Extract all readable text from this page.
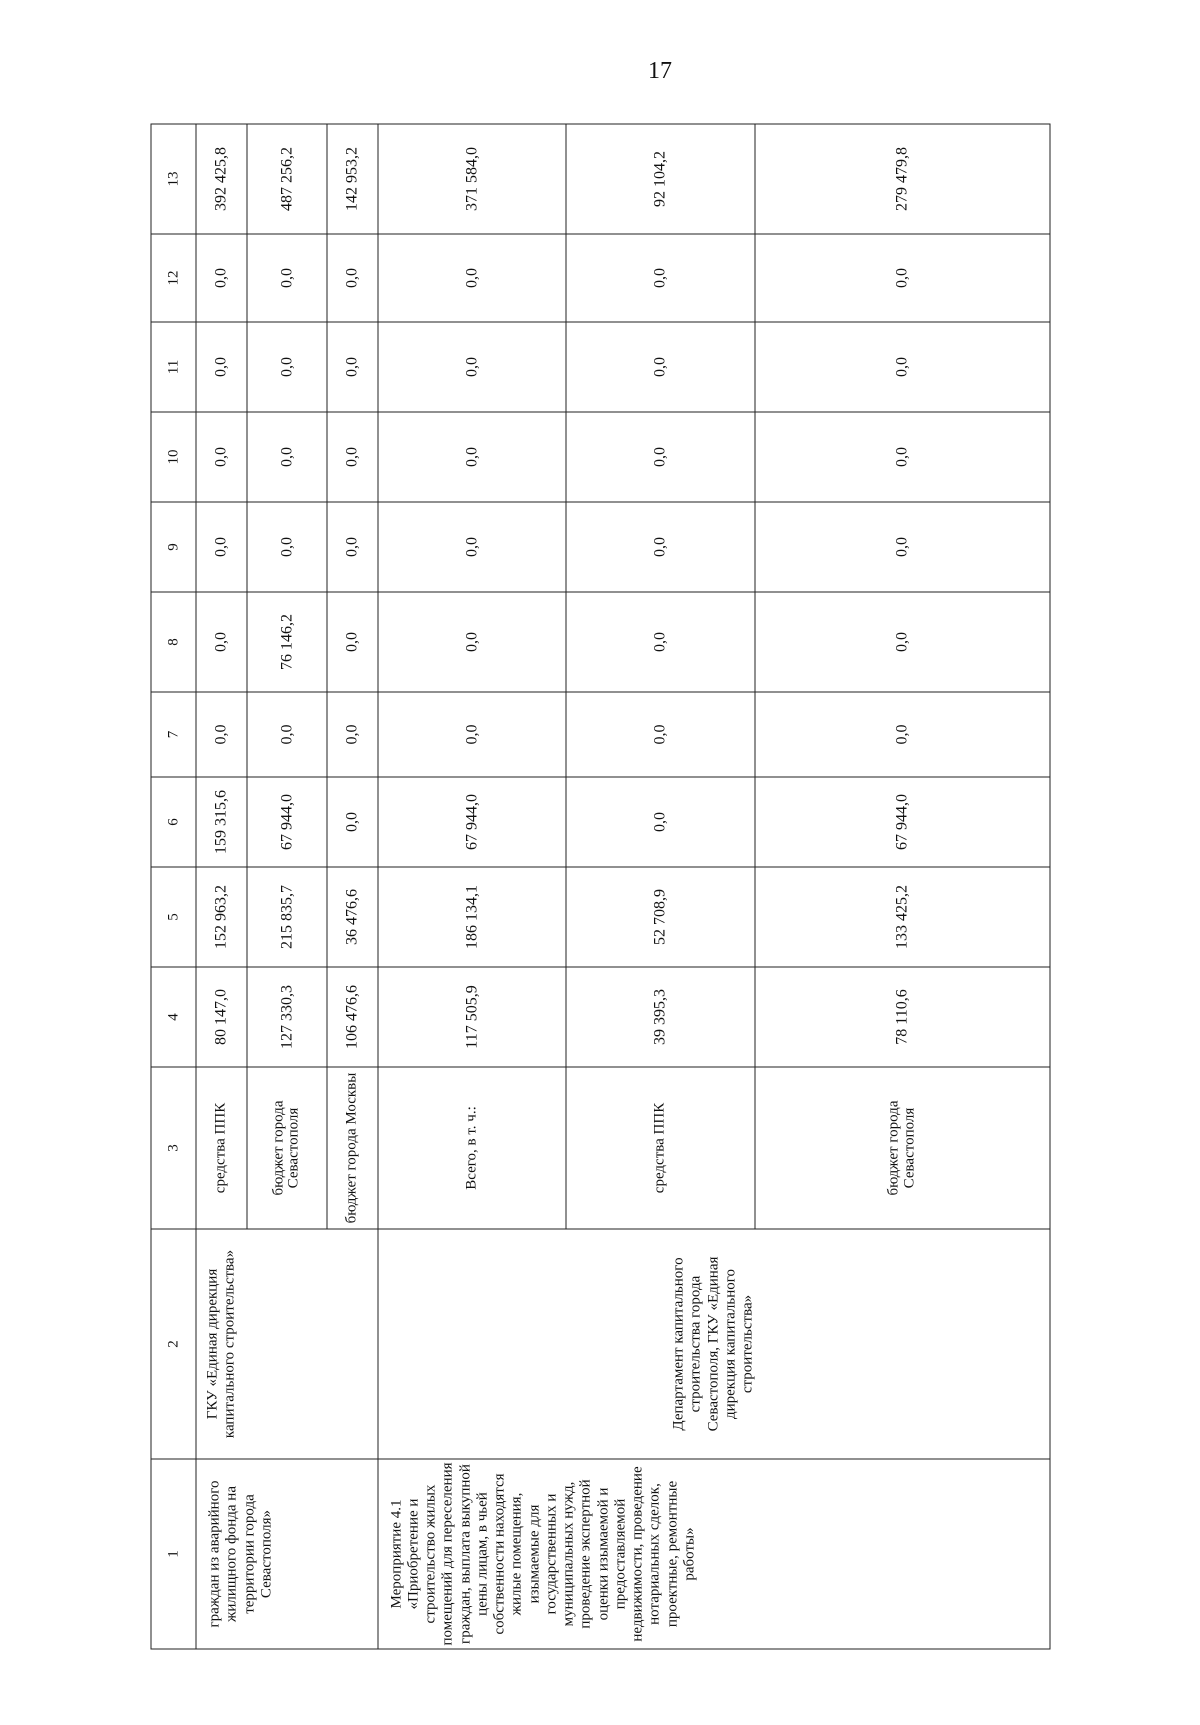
17
1	2	3	4	5	6	7	8	9	10	11	12	13
граждан из аварийного жилищного фонда на территории города Севастополя»	ГКУ «Единая дирекция капитального строительства»	средства ППК	80 147,0	152 963,2	159 315,6	0,0	0,0	0,0	0,0	0,0	0,0	392 425,8
		бюджет города Севастополя	127 330,3	215 835,7	67 944,0	0,0	76 146,2	0,0	0,0	0,0	0,0	487 256,2
		бюджет города Москвы	106 476,6	36 476,6	0,0	0,0	0,0	0,0	0,0	0,0	0,0	142 953,2
Мероприятие 4.1 «Приобретение и строительство жилых помещений для переселения граждан, выплата выкупной цены лицам, в чьей собственности находятся жилые помещения, изымаемые для государственных и муниципальных нужд, проведение экспертной оценки изымаемой и предоставляемой недвижимости, проведение нотариальных сделок, проектные, ремонтные работы»	Департамент капитального строительства города Севастополя, ГКУ «Единая дирекция капитального строительства»	Всего, в т. ч.:	117 505,9	186 134,1	67 944,0	0,0	0,0	0,0	0,0	0,0	0,0	371 584,0
		средства ППК	39 395,3	52 708,9	0,0	0,0	0,0	0,0	0,0	0,0	0,0	92 104,2
		бюджет города Севастополя	78 110,6	133 425,2	67 944,0	0,0	0,0	0,0	0,0	0,0	0,0	279 479,8
